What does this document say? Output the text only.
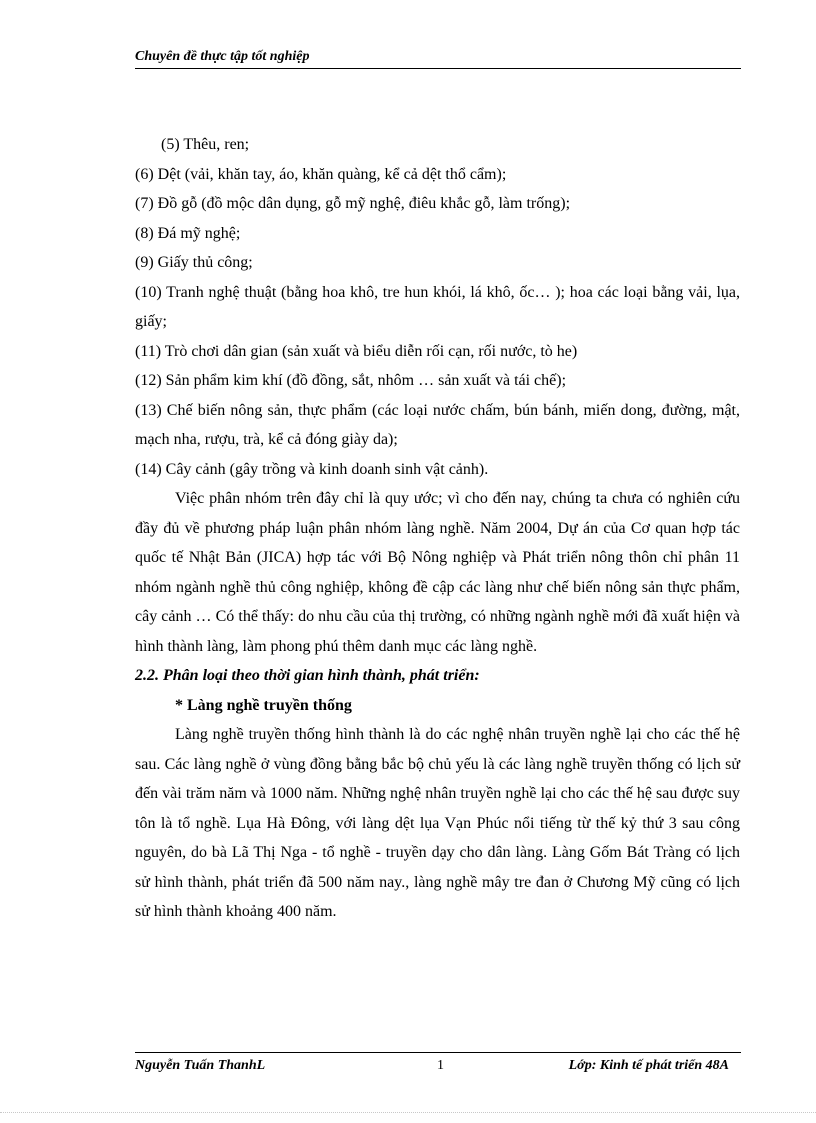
Chuyên đề thực tập tốt nghiệp

(5) Thêu, ren;

(6) Dệt (vải, khăn tay, áo, khăn quàng, kể cả dệt thổ cẩm);

(7) Đồ gỗ (đồ mộc dân dụng, gỗ mỹ nghệ, điêu khắc gỗ, làm trống);

(8) Đá mỹ nghệ;

(9) Giấy thủ công;

(10) Tranh nghệ thuật (bằng hoa khô, tre hun khói, lá khô, ốc… ); hoa các loại bằng vải, lụa, giấy;

(11) Trò chơi dân gian (sản xuất và biểu diễn rối cạn, rối nước, tò he)

(12) Sản phẩm kim khí (đồ đồng, sắt, nhôm … sản xuất và tái chế);

(13) Chế biến nông sản, thực phẩm (các loại nước chấm, bún bánh, miến dong, đường, mật, mạch nha, rượu, trà, kể cả đóng giày da);

(14) Cây cảnh (gây trồng và kinh doanh sinh vật cảnh).

Việc phân nhóm trên đây chỉ là quy ước; vì cho đến nay, chúng ta chưa có nghiên cứu đầy đủ về phương pháp luận phân nhóm làng nghề. Năm 2004, Dự án của Cơ quan hợp tác quốc tế Nhật Bản (JICA) hợp tác với Bộ Nông nghiệp và Phát triển nông thôn chỉ phân 11 nhóm ngành nghề thủ công nghiệp, không đề cập các làng như chế biến nông sản thực phẩm, cây cảnh … Có thể thấy: do nhu cầu của thị trường, có những ngành nghề mới đã xuất hiện và hình thành làng, làm phong phú thêm danh mục các làng nghề.

2.2. Phân loại theo thời gian hình thành, phát triển:

* Làng nghề truyền thống

Làng nghề truyền thống hình thành là do các nghệ nhân truyền nghề lại cho các thế hệ sau. Các làng nghề ở vùng đồng bằng bắc bộ chủ yếu là các làng nghề truyền thống có lịch sử đến vài trăm năm và 1000 năm. Những nghệ nhân truyền nghề lại cho các thế hệ sau được suy tôn là tổ nghề. Lụa Hà Đông, với làng dệt lụa Vạn Phúc nổi tiếng từ thế kỷ thứ 3 sau công nguyên, do bà Lã Thị Nga - tổ nghề - truyền dạy cho dân làng. Làng Gốm Bát Tràng có lịch sử hình thành, phát triển đã 500 năm nay., làng nghề mây tre đan ở Chương Mỹ cũng có lịch sử hình thành khoảng 400 năm.

Nguyễn Tuấn ThanhL	1	Lớp: Kinh tế phát triển 48A
